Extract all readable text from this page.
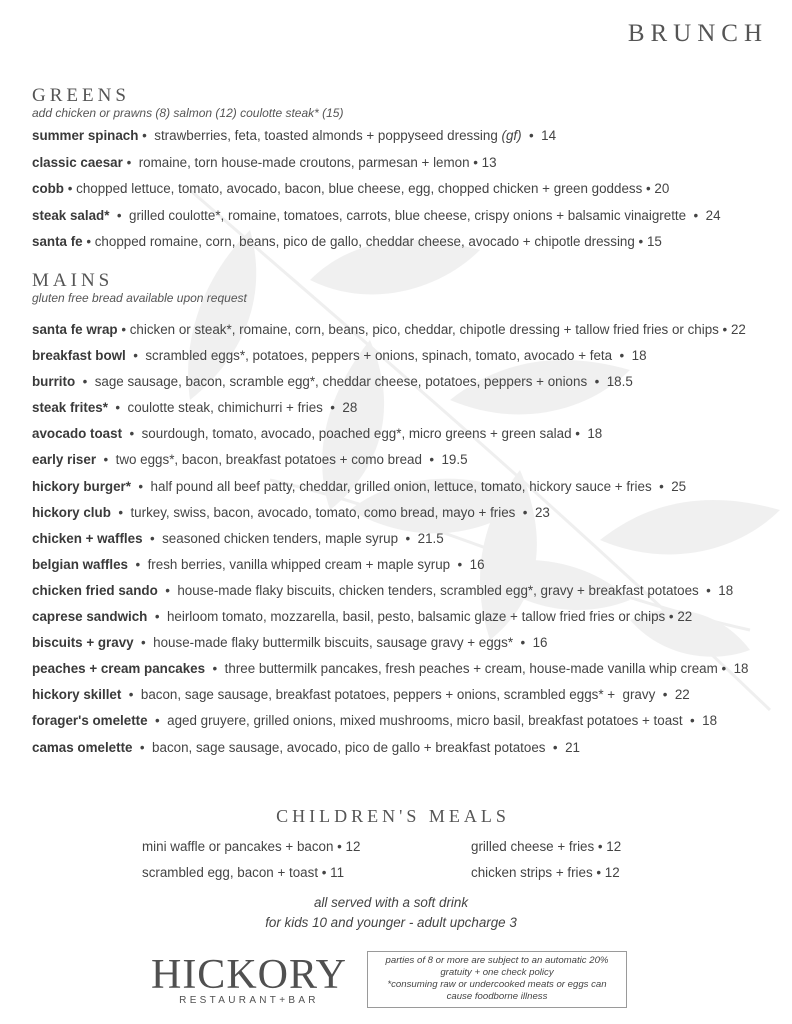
BRUNCH
GREENS
add chicken or prawns (8) salmon (12) coulotte steak* (15)
summer spinach •  strawberries, feta, toasted almonds + poppyseed dressing (gf)  •  14
classic caesar •  romaine, torn house-made croutons, parmesan + lemon • 13
cobb • chopped lettuce, tomato, avocado, bacon, blue cheese, egg, chopped chicken + green goddess • 20
steak salad*  •  grilled coulotte*, romaine, tomatoes, carrots, blue cheese, crispy onions + balsamic vinaigrette  •  24
santa fe • chopped romaine, corn, beans, pico de gallo, cheddar cheese, avocado + chipotle dressing • 15
MAINS
gluten free bread available upon request
santa fe wrap • chicken or steak*, romaine, corn, beans, pico, cheddar, chipotle dressing + tallow fried fries or chips • 22
breakfast bowl  •  scrambled eggs*, potatoes, peppers + onions, spinach, tomato, avocado + feta  •  18
burrito  •  sage sausage, bacon, scramble egg*, cheddar cheese, potatoes, peppers + onions  •  18.5
steak frites*  •  coulotte steak, chimichurri + fries  •  28
avocado toast  •  sourdough, tomato, avocado, poached egg*, micro greens + green salad •  18
early riser  •  two eggs*, bacon, breakfast potatoes + como bread  •  19.5
hickory burger*  •  half pound all beef patty, cheddar, grilled onion, lettuce, tomato, hickory sauce + fries  •  25
hickory club  •  turkey, swiss, bacon, avocado, tomato, como bread, mayo + fries  •  23
chicken + waffles  •  seasoned chicken tenders, maple syrup  •  21.5
belgian waffles  •  fresh berries, vanilla whipped cream + maple syrup  •  16
chicken fried sando  •  house-made flaky biscuits, chicken tenders, scrambled egg*, gravy + breakfast potatoes  •  18
caprese sandwich  •  heirloom tomato, mozzarella, basil, pesto, balsamic glaze + tallow fried fries or chips • 22
biscuits + gravy  •  house-made flaky buttermilk biscuits, sausage gravy + eggs*  •  16
peaches + cream pancakes  •  three buttermilk pancakes, fresh peaches + cream, house-made vanilla whip cream •  18
hickory skillet  •  bacon, sage sausage, breakfast potatoes, peppers + onions, scrambled eggs* +  gravy  •  22
forager's omelette  •  aged gruyere, grilled onions, mixed mushrooms, micro basil, breakfast potatoes + toast  •  18
camas omelette  •  bacon, sage sausage, avocado, pico de gallo + breakfast potatoes  •  21
CHILDREN'S MEALS
mini waffle or pancakes + bacon • 12
scrambled egg, bacon + toast • 11
grilled cheese + fries • 12
chicken strips + fries • 12
all served with a soft drink
for kids 10 and younger - adult upcharge 3
HICKORY
RESTAURANT+BAR
parties of 8 or more are subject to an automatic 20%
gratuity + one check policy
*consuming raw or undercooked meats or eggs can
cause foodborne illness
